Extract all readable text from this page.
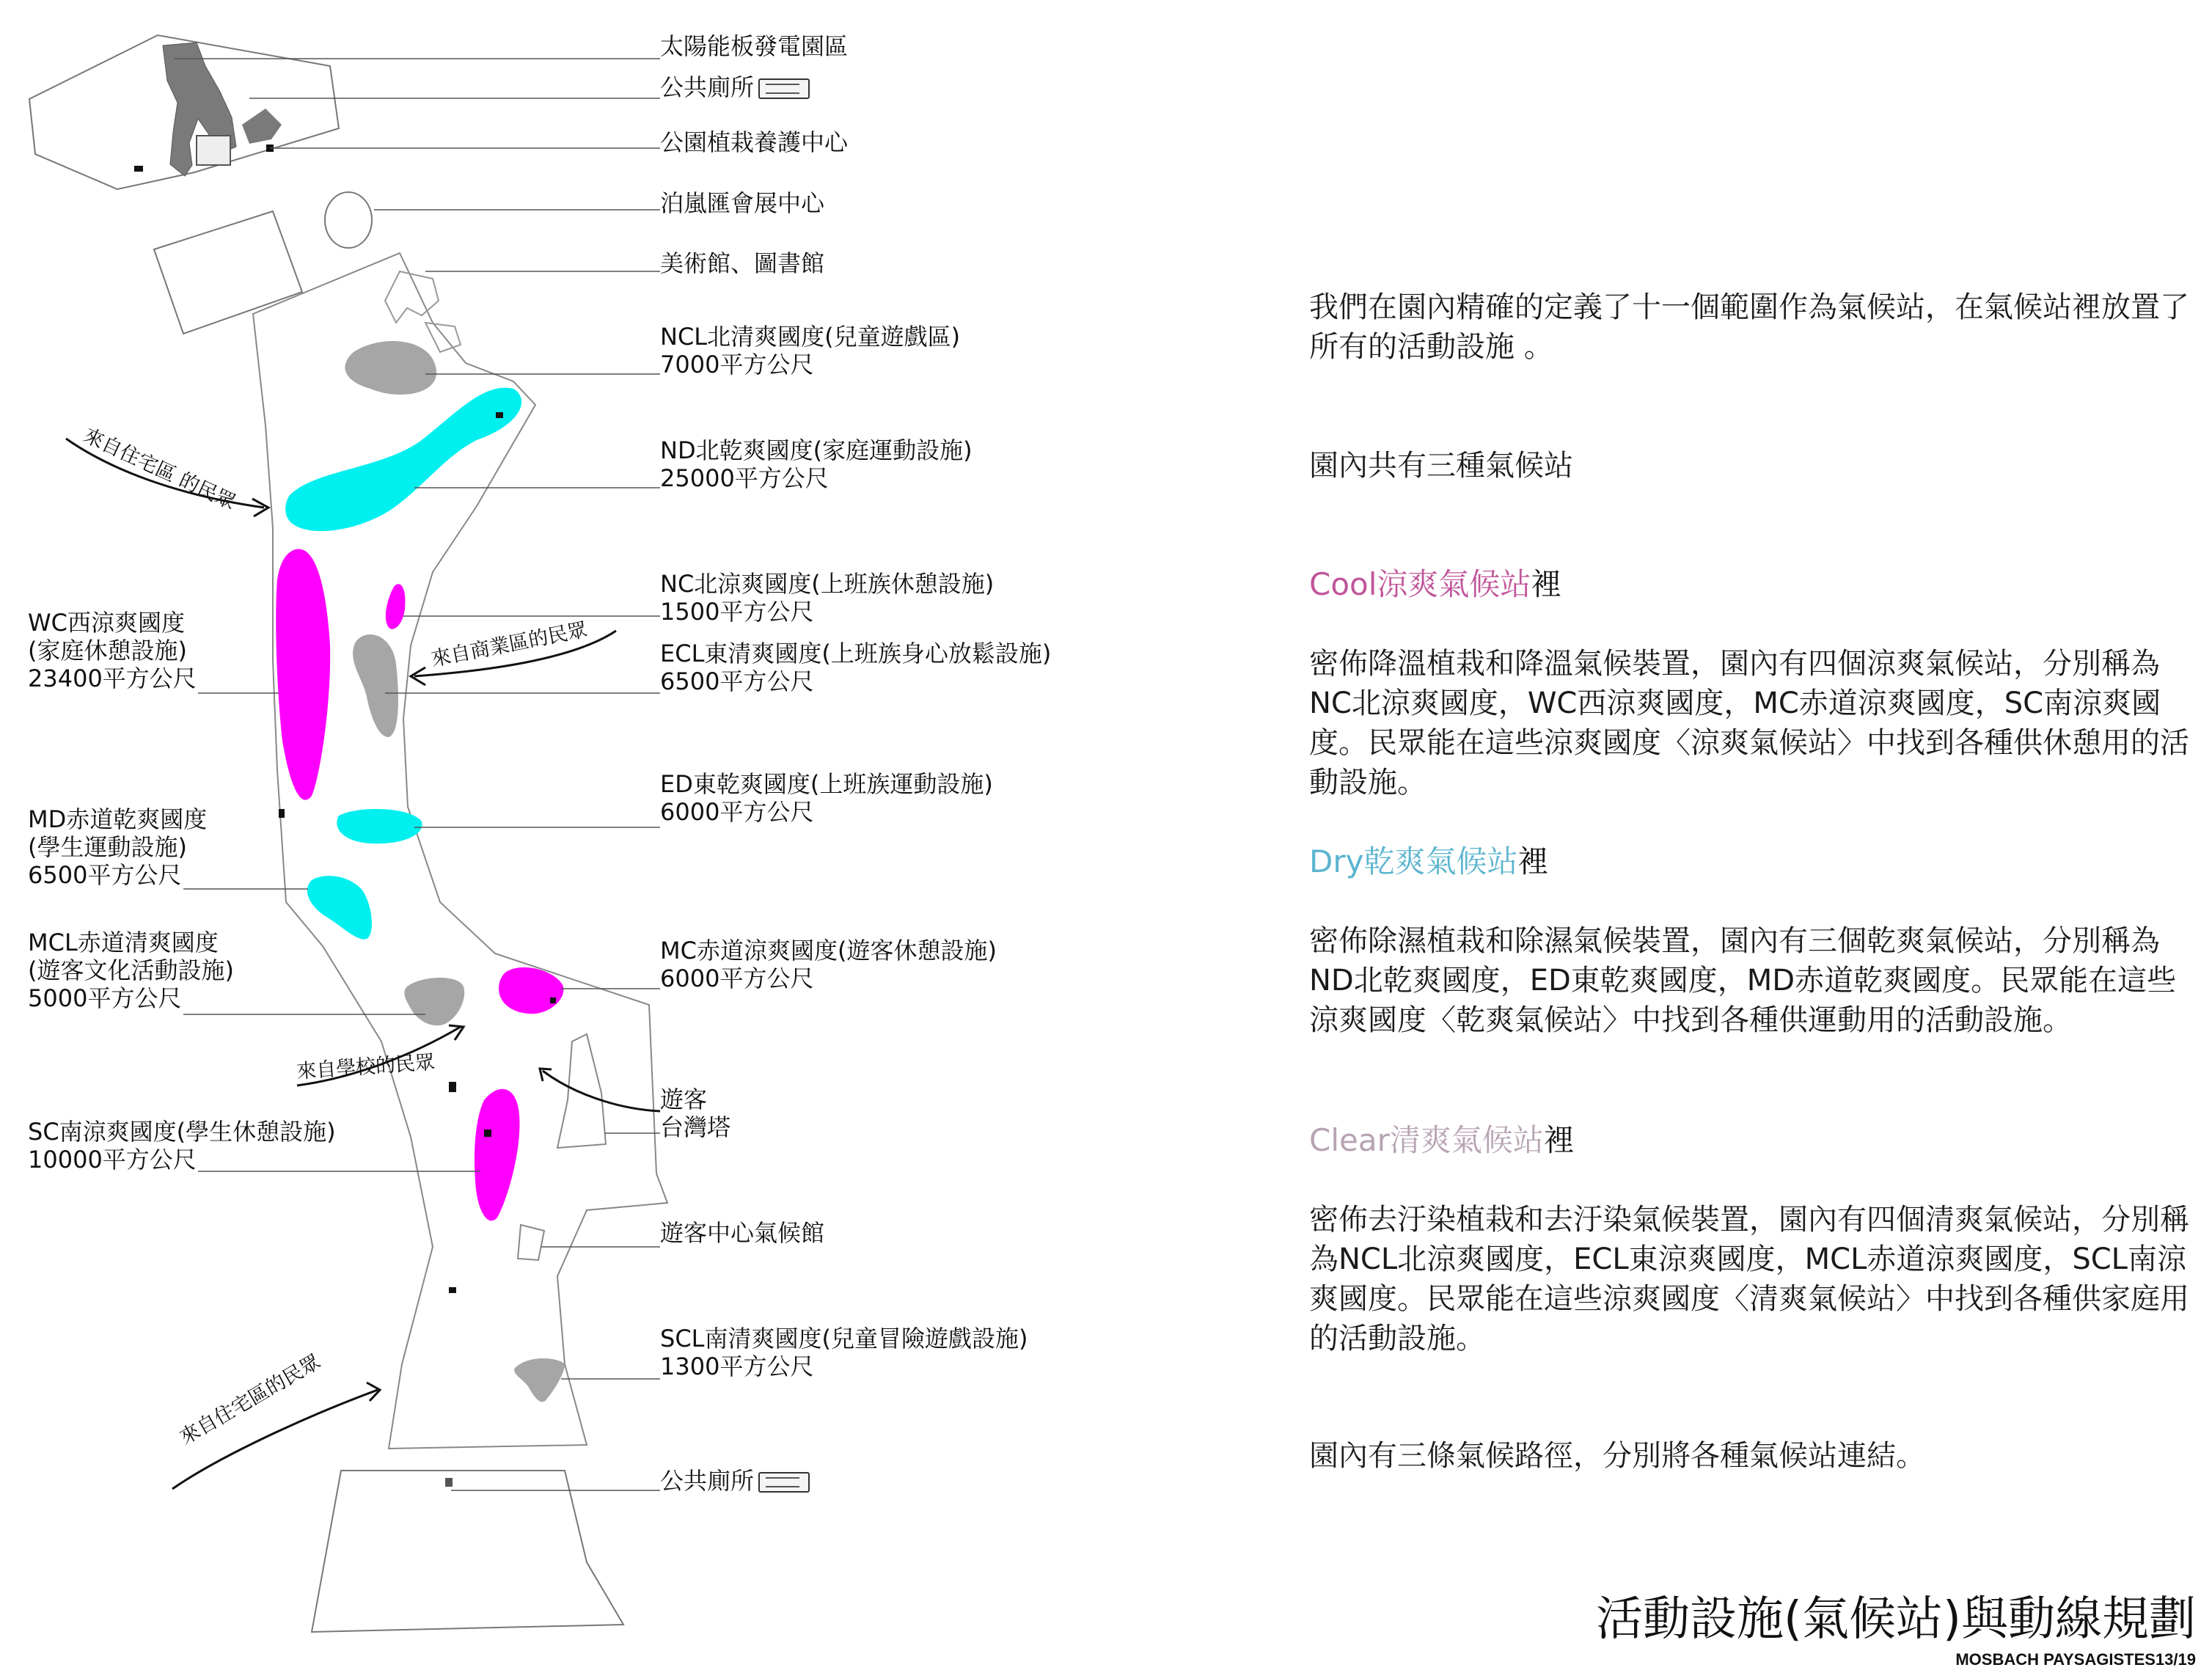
來自住宅區 的民眾
來自商業區的民眾
來自學校的民眾
來自住宅區的民眾
太陽能板發電園區
公共廁所
公園植栽養護中心
泊嵐匯會展中心
美術館、圖書館
NCL北清爽國度(兒童遊戲區)
7000平方公尺
ND北乾爽國度(家庭運動設施)
25000平方公尺
NC北涼爽國度(上班族休憩設施)
1500平方公尺
ECL東清爽國度(上班族身心放鬆設施)
6500平方公尺
ED東乾爽國度(上班族運動設施)
6000平方公尺
MC赤道涼爽國度(遊客休憩設施)
6000平方公尺
遊客
台灣塔
遊客中心氣候館
SCL南清爽國度(兒童冒險遊戲設施)
1300平方公尺
公共廁所
WC西涼爽國度
(家庭休憩設施)
23400平方公尺
MD赤道乾爽國度
(學生運動設施)
6500平方公尺
MCL赤道清爽國度
(遊客文化活動設施)
5000平方公尺
SC南涼爽國度(學生休憩設施)
10000平方公尺
我們在園內精確的定義了十一個範圍作為氣候站，在氣候站裡放置了所有的活動設施 。
園內共有三種氣候站
Cool涼爽氣候站裡
密佈降溫植栽和降溫氣候裝置，園內有四個涼爽氣候站，分別稱為NC北涼爽國度，WC西涼爽國度，MC赤道涼爽國度，SC南涼爽國度。民眾能在這些涼爽國度〈涼爽氣候站〉中找到各種供休憩用的活動設施。
Dry乾爽氣候站裡
密佈除濕植栽和除濕氣候裝置，園內有三個乾爽氣候站，分別稱為ND北乾爽國度，ED東乾爽國度，MD赤道乾爽國度。民眾能在這些涼爽國度〈乾爽氣候站〉中找到各種供運動用的活動設施。
Clear清爽氣候站裡
密佈去汙染植栽和去汙染氣候裝置，園內有四個清爽氣候站，分別稱為NCL北涼爽國度，ECL東涼爽國度，MCL赤道涼爽國度，SCL南涼爽國度。民眾能在這些涼爽國度〈清爽氣候站〉中找到各種供家庭用的活動設施。
園內有三條氣候路徑，分別將各種氣候站連結。
活動設施(氣候站)與動線規劃
MOSBACH PAYSAGISTES13/19
